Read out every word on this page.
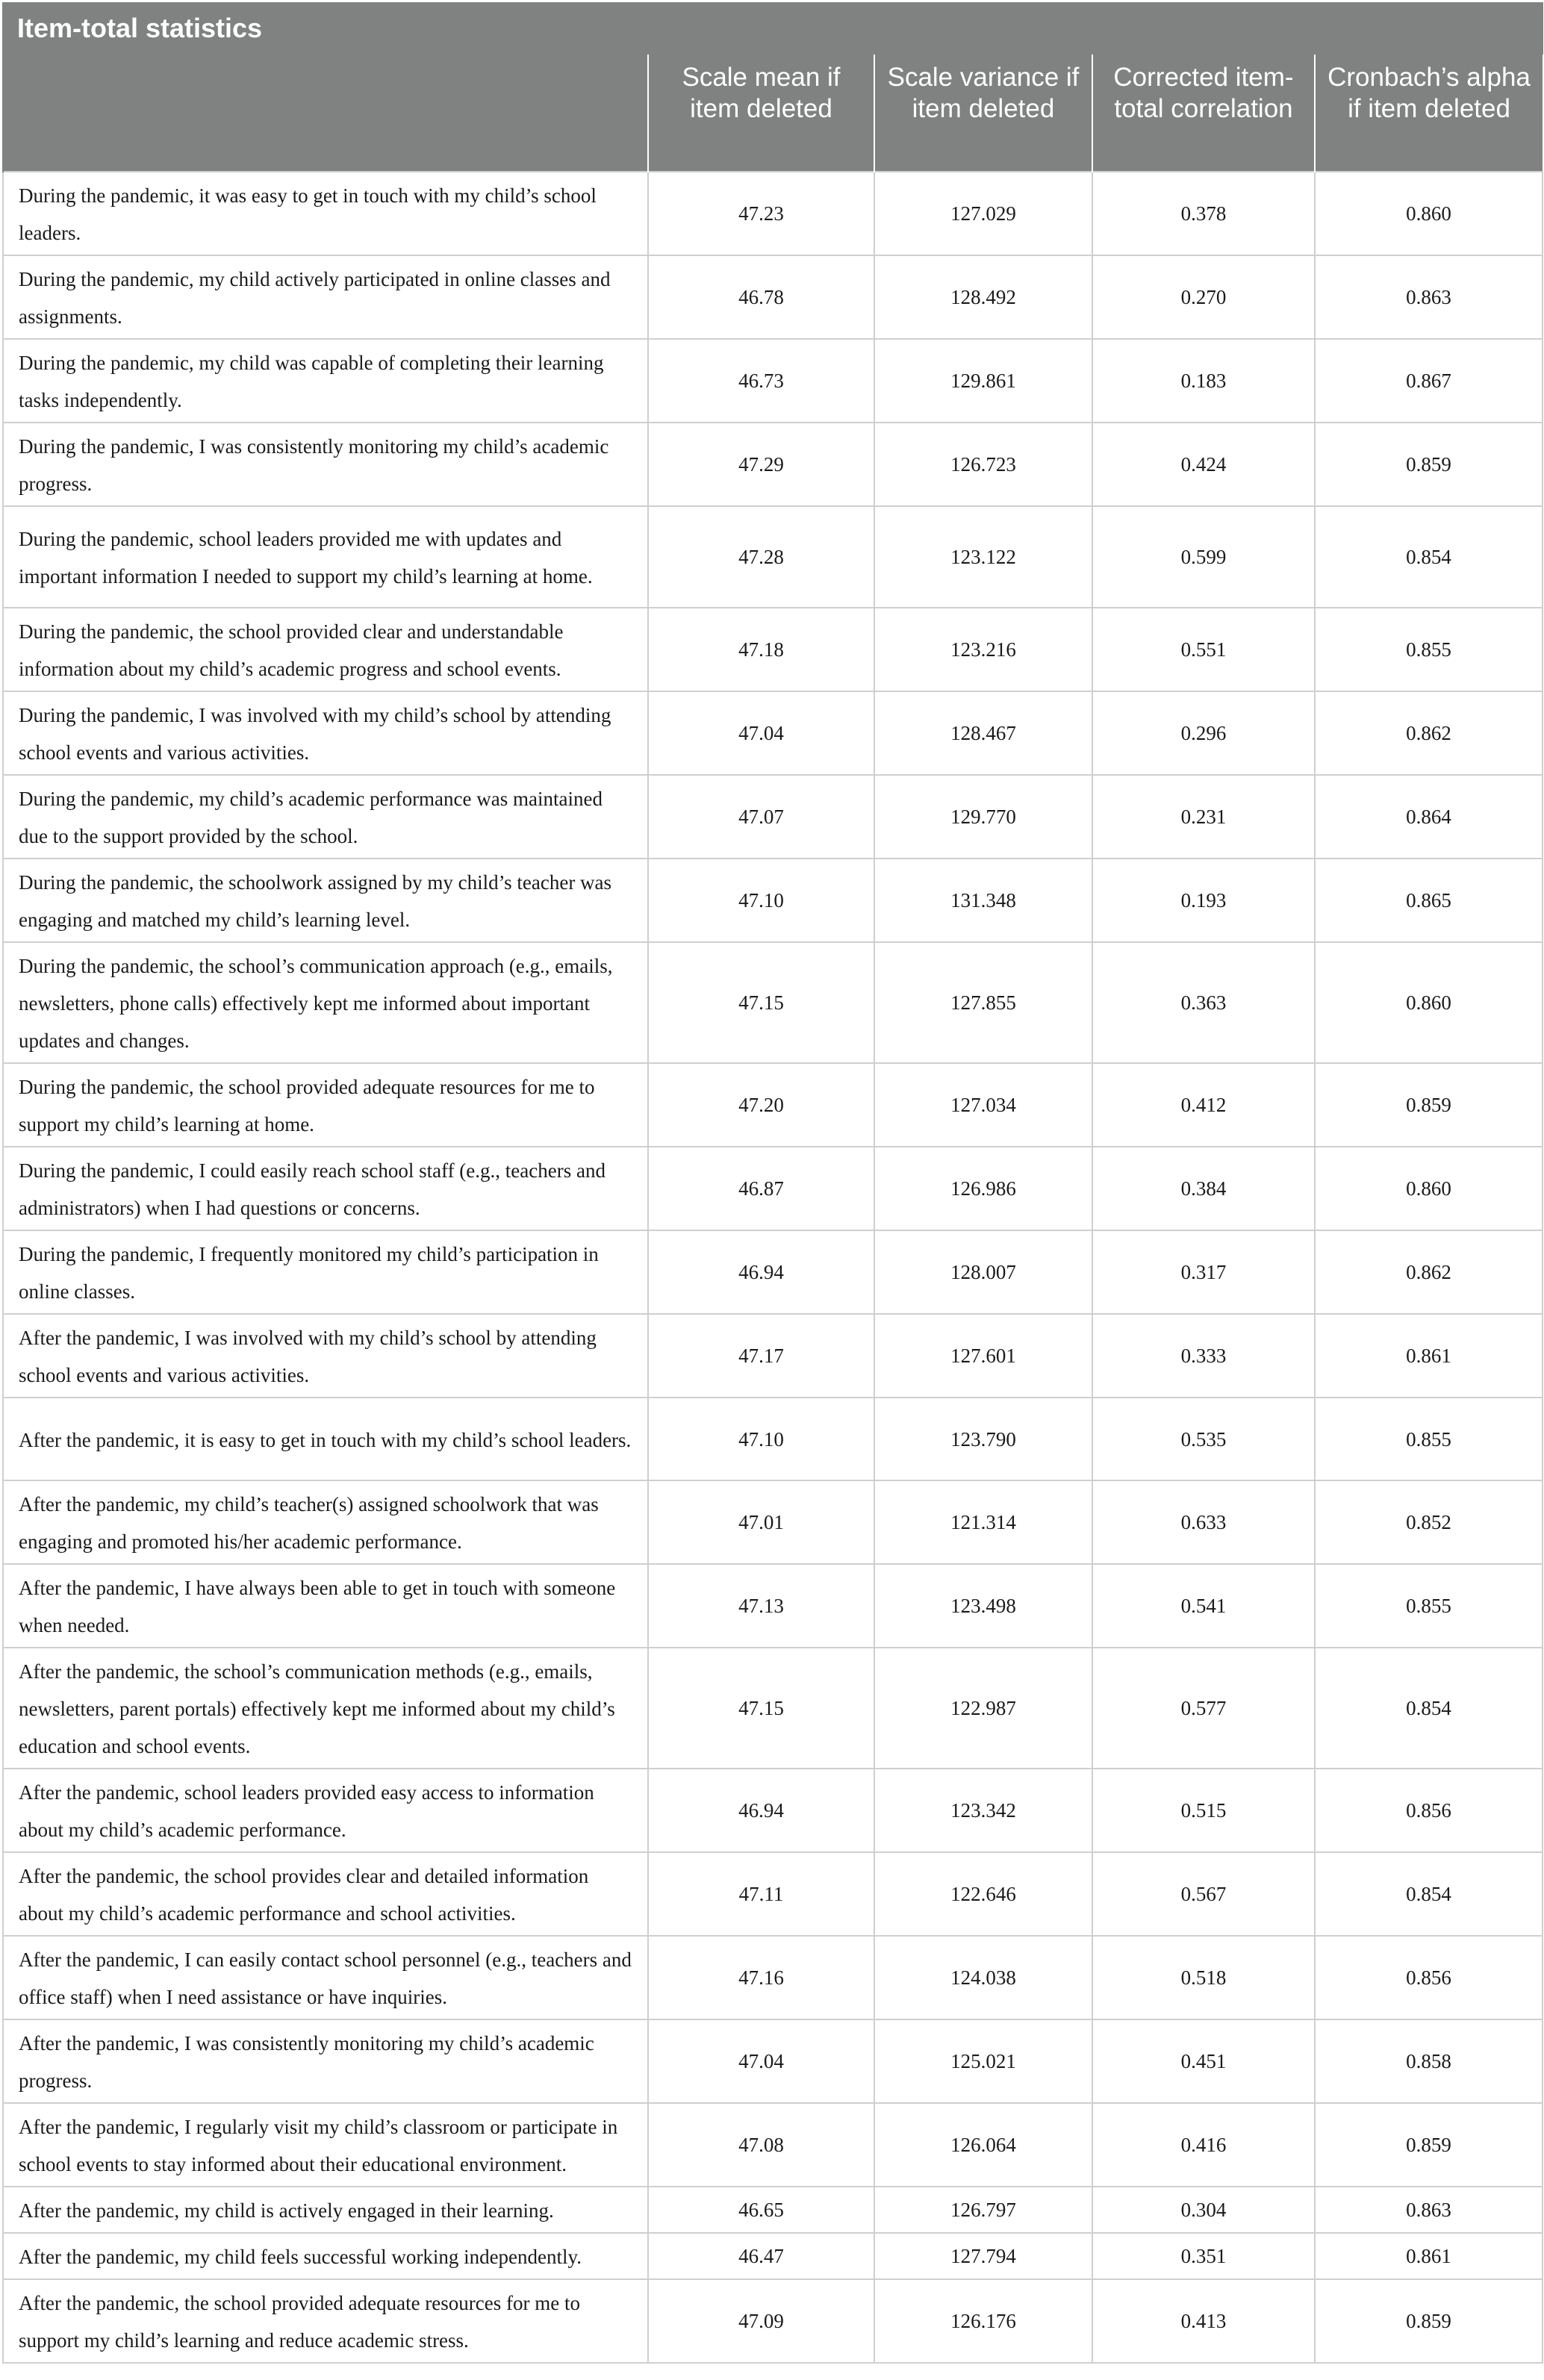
Item-total statistics				
	Scale mean if item deleted	Scale variance if item deleted	Corrected item-total correlation	Cronbach’s alpha if item deleted
During the pandemic, it was easy to get in touch with my child’s school leaders.	47.23	127.029	0.378	0.860
During the pandemic, my child actively participated in online classes and assignments.	46.78	128.492	0.270	0.863
During the pandemic, my child was capable of completing their learning tasks independently.	46.73	129.861	0.183	0.867
During the pandemic, I was consistently monitoring my child’s academic progress.	47.29	126.723	0.424	0.859
During the pandemic, school leaders provided me with updates and important information I needed to support my child’s learning at home.	47.28	123.122	0.599	0.854
During the pandemic, the school provided clear and understandable information about my child’s academic progress and school events.	47.18	123.216	0.551	0.855
During the pandemic, I was involved with my child’s school by attending school events and various activities.	47.04	128.467	0.296	0.862
During the pandemic, my child’s academic performance was maintained due to the support provided by the school.	47.07	129.770	0.231	0.864
During the pandemic, the schoolwork assigned by my child’s teacher was engaging and matched my child’s learning level.	47.10	131.348	0.193	0.865
During the pandemic, the school’s communication approach (e.g., emails, newsletters, phone calls) effectively kept me informed about important updates and changes.	47.15	127.855	0.363	0.860
During the pandemic, the school provided adequate resources for me to support my child’s learning at home.	47.20	127.034	0.412	0.859
During the pandemic, I could easily reach school staff (e.g., teachers and administrators) when I had questions or concerns.	46.87	126.986	0.384	0.860
During the pandemic, I frequently monitored my child’s participation in online classes.	46.94	128.007	0.317	0.862
After the pandemic, I was involved with my child’s school by attending school events and various activities.	47.17	127.601	0.333	0.861
After the pandemic, it is easy to get in touch with my child’s school leaders.	47.10	123.790	0.535	0.855
After the pandemic, my child’s teacher(s) assigned schoolwork that was engaging and promoted his/her academic performance.	47.01	121.314	0.633	0.852
After the pandemic, I have always been able to get in touch with someone when needed.	47.13	123.498	0.541	0.855
After the pandemic, the school’s communication methods (e.g., emails, newsletters, parent portals) effectively kept me informed about my child’s education and school events.	47.15	122.987	0.577	0.854
After the pandemic, school leaders provided easy access to information about my child’s academic performance.	46.94	123.342	0.515	0.856
After the pandemic, the school provides clear and detailed information about my child’s academic performance and school activities.	47.11	122.646	0.567	0.854
After the pandemic, I can easily contact school personnel (e.g., teachers and office staff) when I need assistance or have inquiries.	47.16	124.038	0.518	0.856
After the pandemic, I was consistently monitoring my child’s academic progress.	47.04	125.021	0.451	0.858
After the pandemic, I regularly visit my child’s classroom or participate in school events to stay informed about their educational environment.	47.08	126.064	0.416	0.859
After the pandemic, my child is actively engaged in their learning.	46.65	126.797	0.304	0.863
After the pandemic, my child feels successful working independently.	46.47	127.794	0.351	0.861
After the pandemic, the school provided adequate resources for me to support my child’s learning and reduce academic stress.	47.09	126.176	0.413	0.859
